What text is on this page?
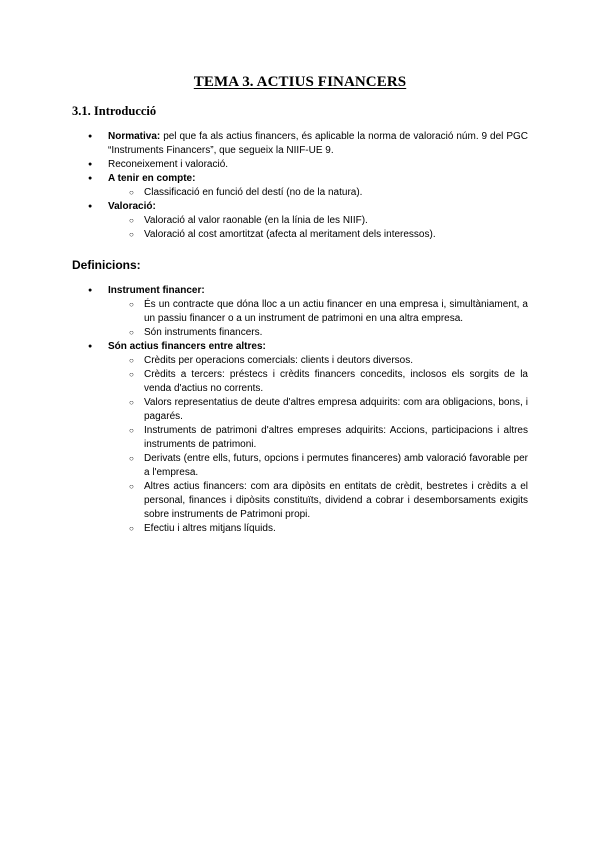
TEMA 3. ACTIUS FINANCERS
3.1. Introducció
● Normativa: pel que fa als actius financers, és aplicable la norma de valoració núm. 9 del PGC “Instruments Financers”, que segueix la NIIF-UE 9.
● Reconeixement i valoració.
● A tenir en compte:
○ Classificació en funció del destí (no de la natura).
● Valoració:
○ Valoració al valor raonable (en la línia de les NIIF).
○ Valoració al cost amortitzat (afecta al meritament dels interessos).
Definicions:
● Instrument financer:
○ És un contracte que dóna lloc a un actiu financer en una empresa i, simultàniament, a un passiu financer o a un instrument de patrimoni en una altra empresa.
○ Són instruments financers.
● Són actius financers entre altres:
○ Crèdits per operacions comercials: clients i deutors diversos.
○ Crèdits a tercers: préstecs i crèdits financers concedits, inclosos els sorgits de la venda d'actius no corrents.
○ Valors representatius de deute d'altres empresa adquirits: com ara obligacions, bons, i pagarés.
○ Instruments de patrimoni d'altres empreses adquirits: Accions, participacions i altres instruments de patrimoni.
○ Derivats (entre ells, futurs, opcions i permutes financeres) amb valoració favorable per a l'empresa.
○ Altres actius financers: com ara dipòsits en entitats de crèdit, bestretes i crèdits a el personal, finances i dipòsits constituïts, dividend a cobrar i desemborsaments exigits sobre instruments de Patrimoni propi.
○ Efectiu i altres mitjans líquids.
